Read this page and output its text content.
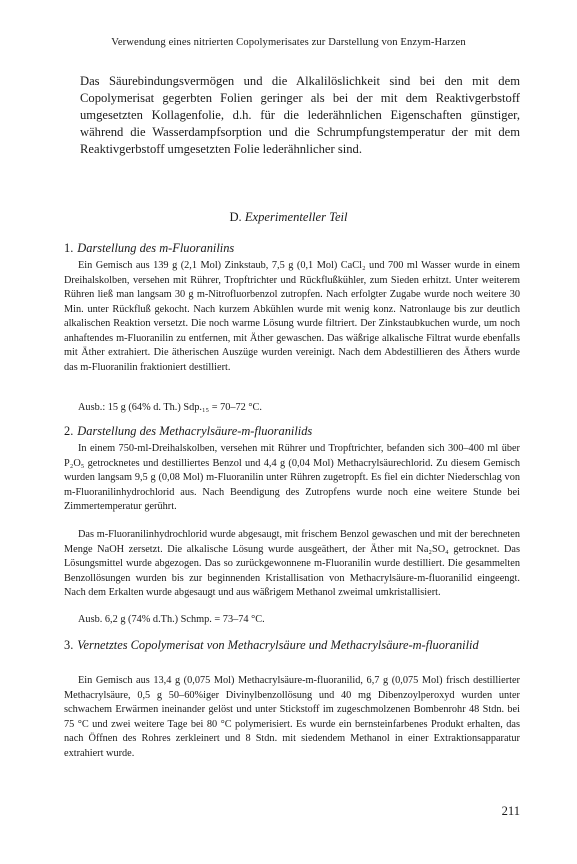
Verwendung eines nitrierten Copolymerisates zur Darstellung von Enzym-Harzen

Das Säurebindungsvermögen und die Alkalilöslichkeit sind bei den mit dem Copolymerisat gegerbten Folien geringer als bei der mit dem Reaktivgerbstoff umgesetzten Kollagenfolie, d.h. für die lederähnlichen Eigenschaften günstiger, während die Wasserdampfsorption und die Schrumpfungstemperatur der mit dem Reaktivgerbstoff umgesetzten Folie lederähnlicher sind.

D. Experimenteller Teil
1. Darstellung des m-Fluoranilins

Ein Gemisch aus 139 g (2,1 Mol) Zinkstaub, 7,5 g (0,1 Mol) CaCl₂ und 700 ml Wasser wurde in einem Dreihalskolben, versehen mit Rührer, Tropftrichter und Rückflußkühler, zum Sieden erhitzt. Unter weiterem Rühren ließ man langsam 30 g m-Nitrofluorbenzol zutropfen. Nach erfolgter Zugabe wurde noch weitere 30 Min. unter Rückfluß gekocht. Nach kurzem Abkühlen wurde mit wenig konz. Natronlauge bis zur deutlich alkalischen Reaktion versetzt. Die noch warme Lösung wurde filtriert. Der Zinkstaubkuchen wurde, um noch anhaftendes m-Fluoranilin zu entfernen, mit Äther gewaschen. Das wäßrige alkalische Filtrat wurde ebenfalls mit Äther extrahiert. Die ätherischen Auszüge wurden vereinigt. Nach dem Abdestillieren des Äthers wurde das m-Fluoranilin fraktioniert destilliert.

Ausb.: 15 g (64% d. Th.) Sdp.₁₅ = 70–72 °C.

2. Darstellung des Methacrylsäure-m-fluoranilids

In einem 750-ml-Dreihalskolben, versehen mit Rührer und Tropftrichter, befanden sich 300–400 ml über P₂O₅ getrocknetes und destilliertes Benzol und 4,4 g (0,04 Mol) Methacrylsäurechlorid. Zu diesem Gemisch wurden langsam 9,5 g (0,08 Mol) m-Fluoranilin unter Rühren zugetropft. Es fiel ein dichter Niederschlag von m-Fluoranilinhydrochlorid aus. Nach Beendigung des Zutropfens wurde noch eine weitere Stunde bei Zimmertemperatur gerührt.

Das m-Fluoranilinhydrochlorid wurde abgesaugt, mit frischem Benzol gewaschen und mit der berechneten Menge NaOH zersetzt. Die alkalische Lösung wurde ausgeäthert, der Äther mit Na₂SO₄ getrocknet. Das Lösungsmittel wurde abgezogen. Das so zurückgewonnene m-Fluoranilin wurde destilliert. Die gesammelten Benzollösungen wurden bis zur beginnenden Kristallisation von Methacrylsäure-m-fluoranilid eingeengt. Nach dem Erkalten wurde abgesaugt und aus wäßrigem Methanol zweimal umkristallisiert.

Ausb. 6,2 g (74% d.Th.) Schmp. = 73–74 °C.

3. Vernetztes Copolymerisat von Methacrylsäure und Methacrylsäure-m-fluoranilid

Ein Gemisch aus 13,4 g (0,075 Mol) Methacrylsäure-m-fluoranilid, 6,7 g (0,075 Mol) frisch destillierter Methacrylsäure, 0,5 g 50–60%iger Divinylbenzollösung und 40 mg Dibenzoylperoxyd wurden unter schwachem Erwärmen ineinander gelöst und unter Stickstoff im zugeschmolzenen Bombenrohr 48 Stdn. bei 75 °C und zwei weitere Tage bei 80 °C polymerisiert. Es wurde ein bernsteinfarbenes Produkt erhalten, das nach Öffnen des Rohres zerkleinert und 8 Stdn. mit siedendem Methanol in einer Extraktionsapparatur extrahiert wurde.

211
